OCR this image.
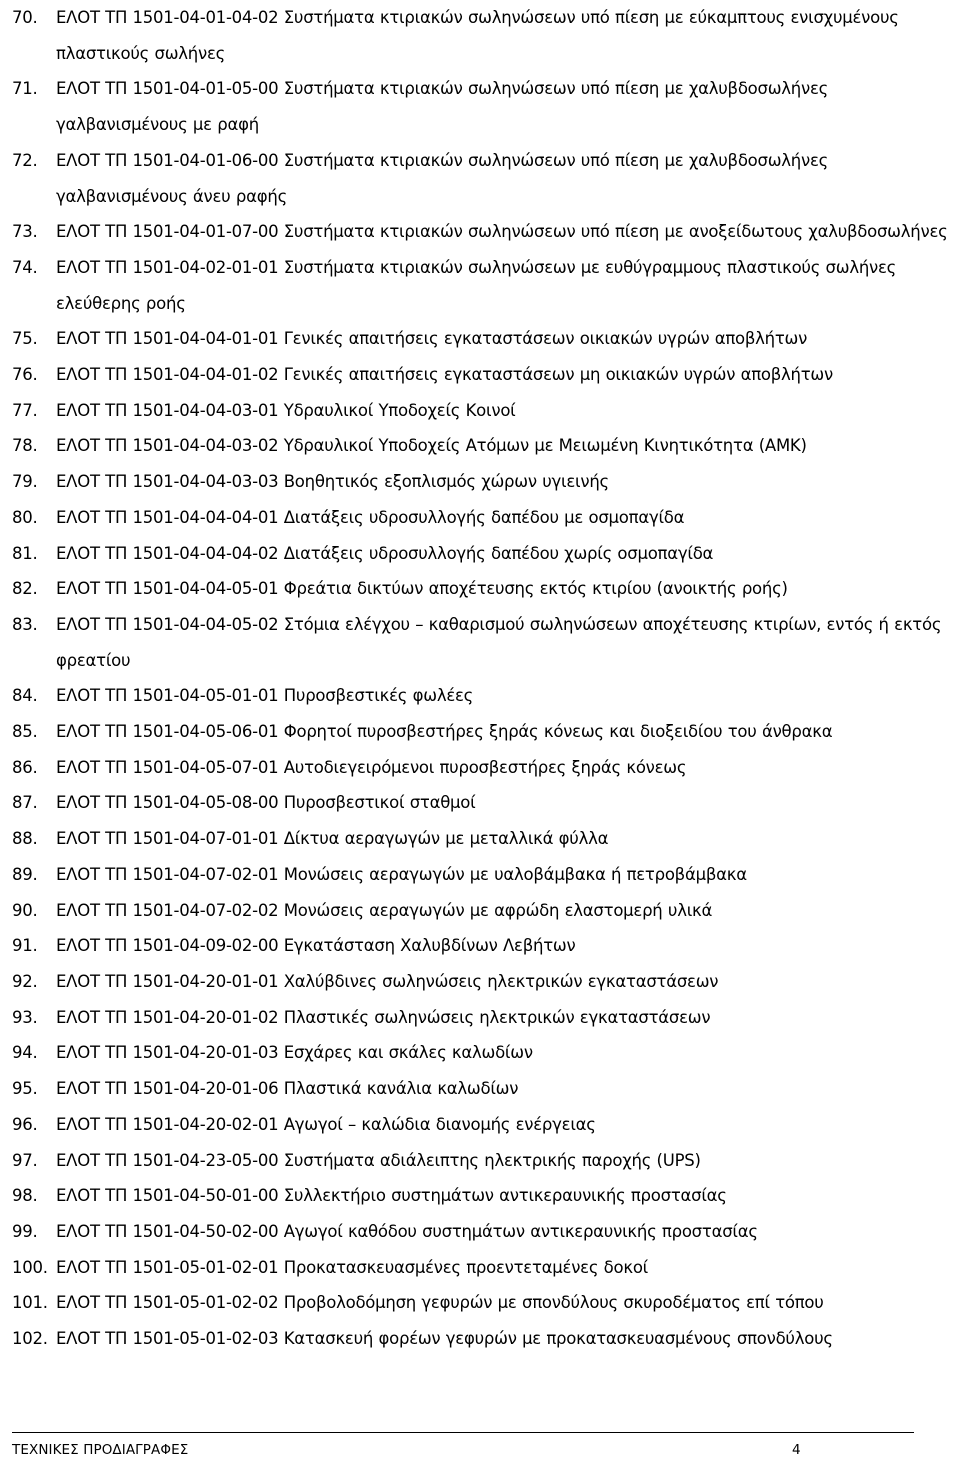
70.	ΕΛΟΤ ΤΠ 1501-04-01-04-02 Συστήματα κτιριακών σωληνώσεων υπό πίεση με εύκαμπτους ενισχυμένους πλαστικούς σωλήνες
71.	ΕΛΟΤ ΤΠ 1501-04-01-05-00 Συστήματα κτιριακών σωληνώσεων υπό πίεση με χαλυβδοσωλήνες γαλβανισμένους με ραφή
72.	ΕΛΟΤ ΤΠ 1501-04-01-06-00 Συστήματα κτιριακών σωληνώσεων υπό πίεση με χαλυβδοσωλήνες γαλβανισμένους άνευ ραφής
73.	ΕΛΟΤ ΤΠ 1501-04-01-07-00 Συστήματα κτιριακών σωληνώσεων υπό πίεση με ανοξείδωτους χαλυβδοσωλήνες
74.	ΕΛΟΤ ΤΠ 1501-04-02-01-01 Συστήματα κτιριακών σωληνώσεων με ευθύγραμμους πλαστικούς σωλήνες ελεύθερης ροής
75.	ΕΛΟΤ ΤΠ 1501-04-04-01-01 Γενικές απαιτήσεις εγκαταστάσεων οικιακών υγρών αποβλήτων
76.	ΕΛΟΤ ΤΠ 1501-04-04-01-02 Γενικές απαιτήσεις εγκαταστάσεων μη οικιακών υγρών αποβλήτων
77.	ΕΛΟΤ ΤΠ 1501-04-04-03-01 Υδραυλικοί Υποδοχείς Κοινοί
78.	ΕΛΟΤ ΤΠ 1501-04-04-03-02 Υδραυλικοί Υποδοχείς Ατόμων με Μειωμένη Κινητικότητα (ΑΜΚ)
79.	ΕΛΟΤ ΤΠ 1501-04-04-03-03 Βοηθητικός εξοπλισμός χώρων υγιεινής
80.	ΕΛΟΤ ΤΠ 1501-04-04-04-01 Διατάξεις υδροσυλλογής δαπέδου με οσμοπαγίδα
81.	ΕΛΟΤ ΤΠ 1501-04-04-04-02 Διατάξεις υδροσυλλογής δαπέδου χωρίς οσμοπαγίδα
82.	ΕΛΟΤ ΤΠ 1501-04-04-05-01 Φρεάτια δικτύων αποχέτευσης εκτός κτιρίου (ανοικτής ροής)
83.	ΕΛΟΤ ΤΠ 1501-04-04-05-02 Στόμια ελέγχου – καθαρισμού σωληνώσεων αποχέτευσης κτιρίων, εντός ή εκτός φρεατίου
84.	ΕΛΟΤ ΤΠ 1501-04-05-01-01 Πυροσβεστικές φωλέες
85.	ΕΛΟΤ ΤΠ 1501-04-05-06-01 Φορητοί πυροσβεστήρες ξηράς κόνεως και διοξειδίου του άνθρακα
86.	ΕΛΟΤ ΤΠ 1501-04-05-07-01 Αυτοδιεγειρόμενοι πυροσβεστήρες ξηράς κόνεως
87.	ΕΛΟΤ ΤΠ 1501-04-05-08-00 Πυροσβεστικοί σταθμοί
88.	ΕΛΟΤ ΤΠ 1501-04-07-01-01 Δίκτυα αεραγωγών με μεταλλικά φύλλα
89.	ΕΛΟΤ ΤΠ 1501-04-07-02-01 Μονώσεις αεραγωγών με υαλοβάμβακα ή πετροβάμβακα
90.	ΕΛΟΤ ΤΠ 1501-04-07-02-02 Μονώσεις αεραγωγών με αφρώδη ελαστομερή υλικά
91.	ΕΛΟΤ ΤΠ 1501-04-09-02-00 Εγκατάσταση Χαλυβδίνων Λεβήτων
92.	ΕΛΟΤ ΤΠ 1501-04-20-01-01 Χαλύβδινες σωληνώσεις ηλεκτρικών εγκαταστάσεων
93.	ΕΛΟΤ ΤΠ 1501-04-20-01-02 Πλαστικές σωληνώσεις ηλεκτρικών εγκαταστάσεων
94.	ΕΛΟΤ ΤΠ 1501-04-20-01-03 Εσχάρες και σκάλες καλωδίων
95.	ΕΛΟΤ ΤΠ 1501-04-20-01-06 Πλαστικά κανάλια καλωδίων
96.	ΕΛΟΤ ΤΠ 1501-04-20-02-01 Αγωγοί – καλώδια διανομής ενέργειας
97.	ΕΛΟΤ ΤΠ 1501-04-23-05-00 Συστήματα αδιάλειπτης ηλεκτρικής παροχής (UPS)
98.	ΕΛΟΤ ΤΠ 1501-04-50-01-00 Συλλεκτήριο συστημάτων αντικεραυνικής προστασίας
99.	ΕΛΟΤ ΤΠ 1501-04-50-02-00 Αγωγοί καθόδου συστημάτων αντικεραυνικής προστασίας
100. ΕΛΟΤ ΤΠ 1501-05-01-02-01 Προκατασκευασμένες προεντεταμένες δοκοί
101. ΕΛΟΤ ΤΠ 1501-05-01-02-02 Προβολοδόμηση γεφυρών με σπονδύλους σκυροδέματος επί τόπου
102. ΕΛΟΤ ΤΠ 1501-05-01-02-03 Κατασκευή φορέων γεφυρών με προκατασκευασμένους σπονδύλους
ΤΕΧΝΙΚΕΣ ΠΡΟΔΙΑΓΡΑΦΕΣ	4
